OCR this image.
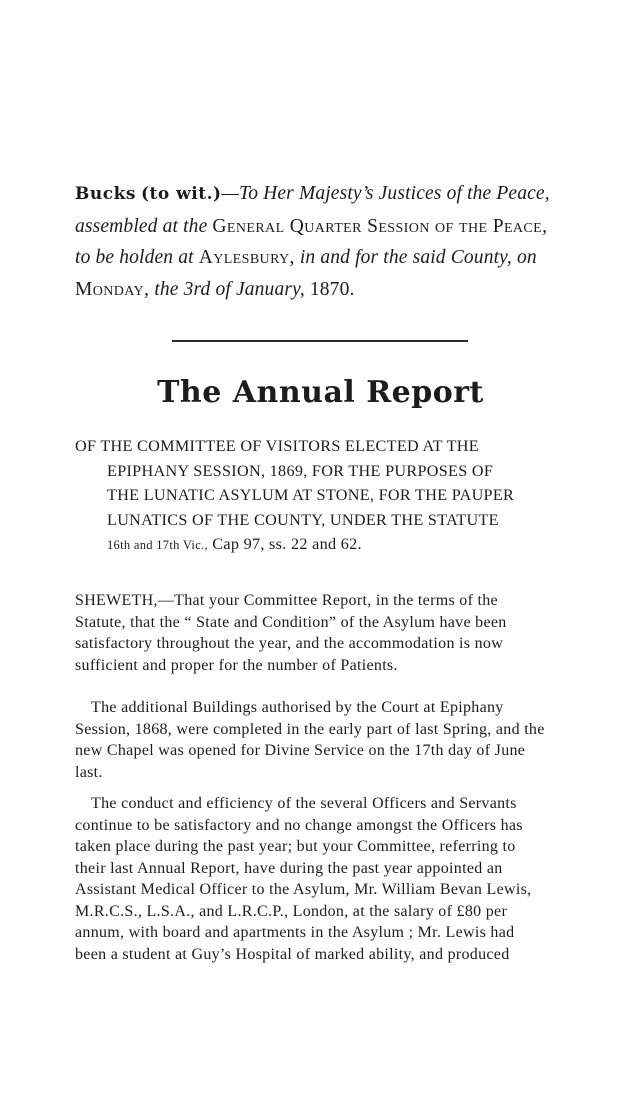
Bucks (to wit.)—To Her Majesty’s Justices of the Peace,
assembled at the General Quarter Session of the Peace,
to be holden at Aylesbury, in and for the said County, on
Monday, the 3rd of January, 1870.
The Annual Report
OF THE COMMITTEE OF VISITORS ELECTED AT THE
EPIPHANY SESSION, 1869, FOR THE PURPOSES OF
THE LUNATIC ASYLUM AT STONE, FOR THE PAUPER
LUNATICS OF THE COUNTY, UNDER THE STATUTE
16th and 17th Vic., Cap 97, ss. 22 and 62.
SHEWETH,—That your Committee Report, in the terms of the
Statute, that the “ State and Condition” of the Asylum have been
satisfactory throughout the year, and the accommodation is now
sufficient and proper for the number of Patients.
The additional Buildings authorised by the Court at Epiphany
Session, 1868, were completed in the early part of last Spring, and the
new Chapel was opened for Divine Service on the 17th day of June
last.
The conduct and efficiency of the several Officers and Servants
continue to be satisfactory and no change amongst the Officers has
taken place during the past year; but your Committee, referring to
their last Annual Report, have during the past year appointed an
Assistant Medical Officer to the Asylum, Mr. William Bevan Lewis,
M.R.C.S., L.S.A., and L.R.C.P., London, at the salary of £80 per
annum, with board and apartments in the Asylum ; Mr. Lewis had
been a student at Guy’s Hospital of marked ability, and produced
